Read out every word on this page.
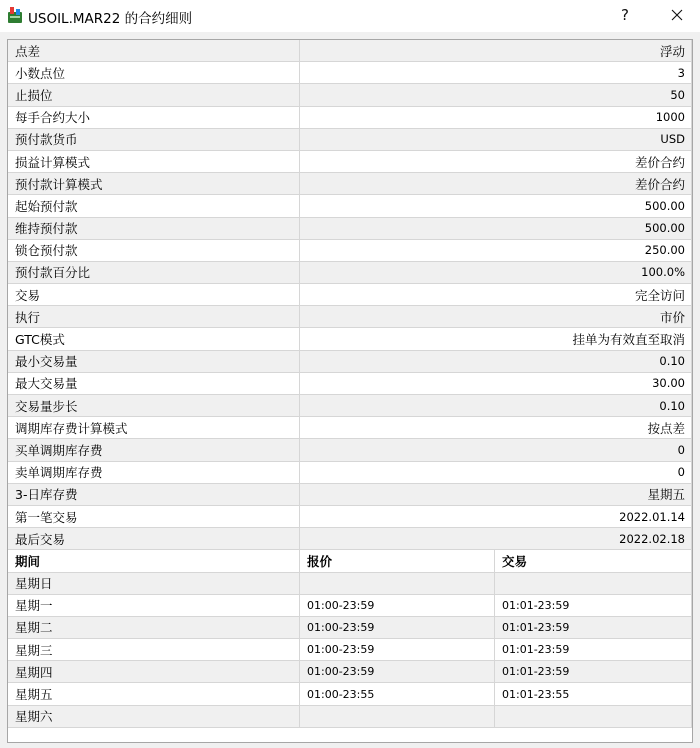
USOIL.MAR22 的合约细则	?
点差	浮动
小数点位	3
止损位	50
每手合约大小	1000
预付款货币	USD
损益计算模式	差价合约
预付款计算模式	差价合约
起始预付款	500.00
维持预付款	500.00
锁仓预付款	250.00
预付款百分比	100.0%
交易	完全访问
执行	市价
GTC模式	挂单为有效直至取消
最小交易量	0.10
最大交易量	30.00
交易量步长	0.10
调期库存费计算模式	按点差
买单调期库存费	0
卖单调期库存费	0
3-日库存费	星期五
第一笔交易	2022.01.14
最后交易	2022.02.18
期间	报价	交易
星期日
星期一	01:00-23:59	01:01-23:59
星期二	01:00-23:59	01:01-23:59
星期三	01:00-23:59	01:01-23:59
星期四	01:00-23:59	01:01-23:59
星期五	01:00-23:55	01:01-23:55
星期六
